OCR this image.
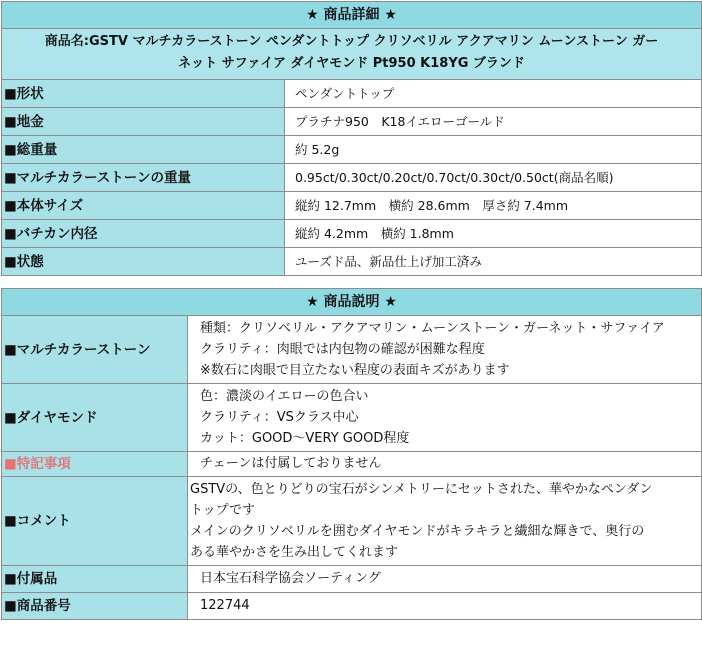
★ 商品詳細 ★	

商品名:GSTV マルチカラーストーン ペンダントトップ クリソベリル アクアマリン ムーンストーン ガー
ネット サファイア ダイヤモンド Pt950 K18YG ブランド	

■形状	ペンダントトップ
■地金	プラチナ950　K18イエローゴールド
■総重量	約 5.2g
■マルチカラーストーンの重量	0.95ct/0.30ct/0.20ct/0.70ct/0.30ct/0.50ct(商品名順)
■本体サイズ	縦約 12.7mm　横約 28.6mm　厚さ約 7.4mm
■バチカン内径	縦約 4.2mm　横約 1.8mm
■状態	ユーズド品、新品仕上げ加工済み
★ 商品説明 ★	
■マルチカラーストーン	種類：クリソベリル・アクアマリン・ムーンストーン・ガーネット・サファイア
クラリティ：肉眼では内包物の確認が困難な程度
※数石に肉眼で目立たない程度の表面キズがあります

■ダイヤモンド	色：濃淡のイエローの色合い
クラリティ：VSクラス中心
カット：GOOD～VERY GOOD程度

■特記事項	チェーンは付属しておりません
■コメント	GSTVの、色とりどりの宝石がシンメトリーにセットされた、華やかなペンダン
トップです
メインのクリソベリルを囲むダイヤモンドがキラキラと繊細な輝きで、奥行の
ある華やかさを生み出してくれます

■付属品	日本宝石科学協会ソーティング
■商品番号	122744
